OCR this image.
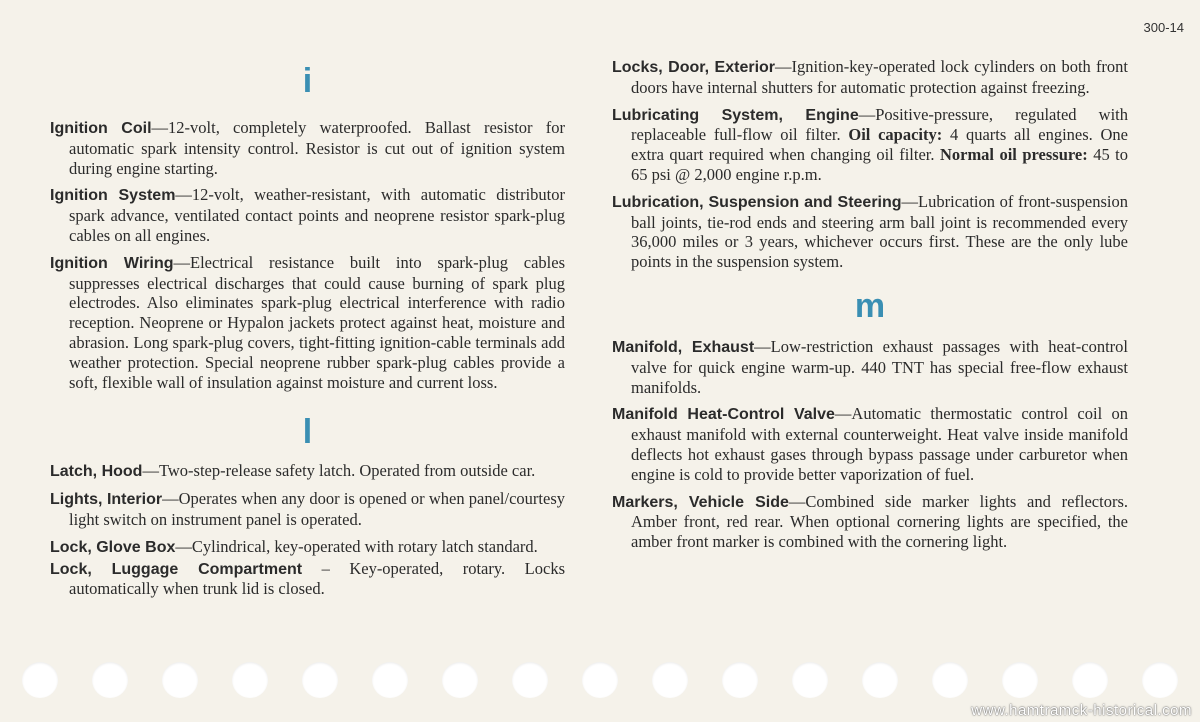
300-14

i

Ignition Coil—12-volt, completely waterproofed. Ballast resistor for automatic spark intensity control. Resistor is cut out of ignition system during engine starting.

Ignition System—12-volt, weather-resistant, with automatic distributor spark advance, ventilated contact points and neoprene resistor spark-plug cables on all engines.

Ignition Wiring—Electrical resistance built into spark-plug cables suppresses electrical discharges that could cause burning of spark plug electrodes. Also eliminates spark-plug electrical interference with radio reception. Neoprene or Hypalon jackets protect against heat, moisture and abrasion. Long spark-plug covers, tight-fitting ignition-cable terminals add weather protection. Special neoprene rubber spark-plug cables provide a soft, flexible wall of insulation against moisture and current loss.

l

Latch, Hood—Two-step-release safety latch. Operated from outside car.

Lights, Interior—Operates when any door is opened or when panel/courtesy light switch on instrument panel is operated.

Lock, Glove Box—Cylindrical, key-operated with rotary latch standard.

Lock, Luggage Compartment – Key-operated, rotary. Locks automatically when trunk lid is closed.

Locks, Door, Exterior—Ignition-key-operated lock cylinders on both front doors have internal shutters for automatic protection against freezing.

Lubricating System, Engine—Positive-pressure, regulated with replaceable full-flow oil filter. Oil capacity: 4 quarts all engines. One extra quart required when changing oil filter. Normal oil pressure: 45 to 65 psi @ 2,000 engine r.p.m.

Lubrication, Suspension and Steering—Lubrication of front-suspension ball joints, tie-rod ends and steering arm ball joint is recommended every 36,000 miles or 3 years, whichever occurs first. These are the only lube points in the suspension system.

m

Manifold, Exhaust—Low-restriction exhaust passages with heat-control valve for quick engine warm-up. 440 TNT has special free-flow exhaust manifolds.

Manifold Heat-Control Valve—Automatic thermostatic control coil on exhaust manifold with external counterweight. Heat valve inside manifold deflects hot exhaust gases through bypass passage under carburetor when engine is cold to provide better vaporization of fuel.

Markers, Vehicle Side—Combined side marker lights and reflectors. Amber front, red rear. When optional cornering lights are specified, the amber front marker is combined with the cornering light.

www.hamtramck-historical.com
